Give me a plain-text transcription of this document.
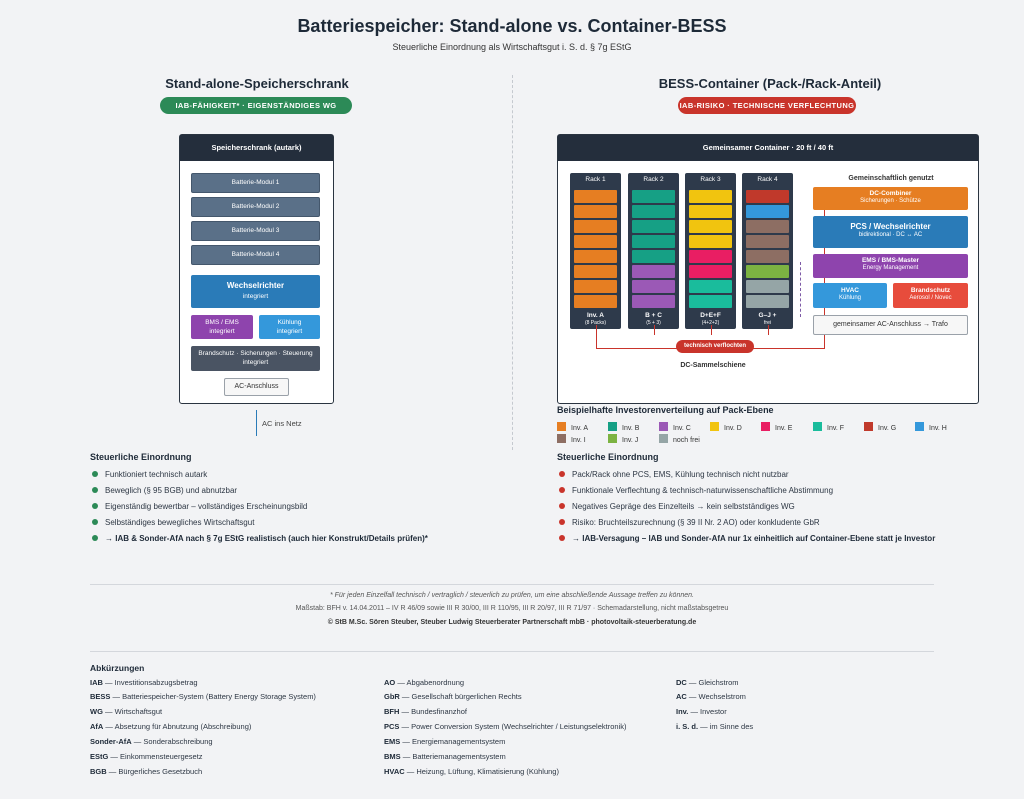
Batteriespeicher: Stand-alone vs. Container-BESS
Steuerliche Einordnung als Wirtschaftsgut i. S. d. § 7g EStG
Stand-alone-Speicherschrank
IAB-FÄHIGKEIT* · EIGENSTÄNDIGES WG
Speicherschrank (autark)
Batterie-Modul 1
Batterie-Modul 2
Batterie-Modul 3
Batterie-Modul 4
Wechselrichter
integriert
BMS / EMS
integriert
Kühlung
integriert
Brandschutz · Sicherungen · Steuerung
integriert
AC-Anschluss
AC ins Netz
Steuerliche Einordnung
Funktioniert technisch autark
Beweglich (§ 95 BGB) und abnutzbar
Eigenständig bewertbar – vollständiges Erscheinungsbild
Selbständiges bewegliches Wirtschaftsgut
→ IAB & Sonder-AfA nach § 7g EStG realistisch (auch hier Konstrukt/Details prüfen)*
BESS-Container (Pack-/Rack-Anteil)
IAB-RISIKO · TECHNISCHE VERFLECHTUNG
Gemeinsamer Container · 20 ft / 40 ft
Rack 1
Inv. A
(8 Packs)
Rack 2
B + C
(5 + 3)
Rack 3
D+E+F
(4+2+2)
Rack 4
G–J +
frei
technisch verflochten
DC-Sammelschiene
Gemeinschaftlich genutzt
DC-Combiner
Sicherungen · Schütze
PCS / Wechselrichter
bidirektional · DC ↔ AC
EMS / BMS-Master
Energy Management
HVAC
Kühlung
Brandschutz
Aerosol / Novec
gemeinsamer AC-Anschluss → Trafo
Beispielhafte Investorenverteilung auf Pack-Ebene
Inv. A	Inv. B	Inv. C	Inv. D	Inv. E	Inv. F	Inv. G	Inv. H
Inv. I	Inv. J	noch frei
Steuerliche Einordnung
Pack/Rack ohne PCS, EMS, Kühlung technisch nicht nutzbar
Funktionale Verflechtung & technisch-naturwissenschaftliche Abstimmung
Negatives Gepräge des Einzelteils → kein selbstständiges WG
Risiko: Bruchteilszurechnung (§ 39 II Nr. 2 AO) oder konkludente GbR
→ IAB-Versagung – IAB und Sonder-AfA nur 1x einheitlich auf Container-Ebene statt je Investor
* Für jeden Einzelfall technisch / vertraglich / steuerlich zu prüfen, um eine abschließende Aussage treffen zu können.
Maßstab: BFH v. 14.04.2011 – IV R 46/09 sowie III R 30/00, III R 110/95, III R 20/97, III R 71/97 · Schemadarstellung, nicht maßstabsgetreu
© StB M.Sc. Sören Steuber, Steuber Ludwig Steuerberater Partnerschaft mbB · photovoltaik-steuerberatung.de
Abkürzungen
IAB — Investitionsabzugsbetrag
BESS — Batteriespeicher-System (Battery Energy Storage System)
WG — Wirtschaftsgut
AfA — Absetzung für Abnutzung (Abschreibung)
Sonder-AfA — Sonderabschreibung
EStG — Einkommensteuergesetz
BGB — Bürgerliches Gesetzbuch
AO — Abgabenordnung
GbR — Gesellschaft bürgerlichen Rechts
BFH — Bundesfinanzhof
PCS — Power Conversion System (Wechselrichter / Leistungselektronik)
EMS — Energiemanagementsystem
BMS — Batteriemanagementsystem
HVAC — Heizung, Lüftung, Klimatisierung (Kühlung)
DC — Gleichstrom
AC — Wechselstrom
Inv. — Investor
i. S. d. — im Sinne des
